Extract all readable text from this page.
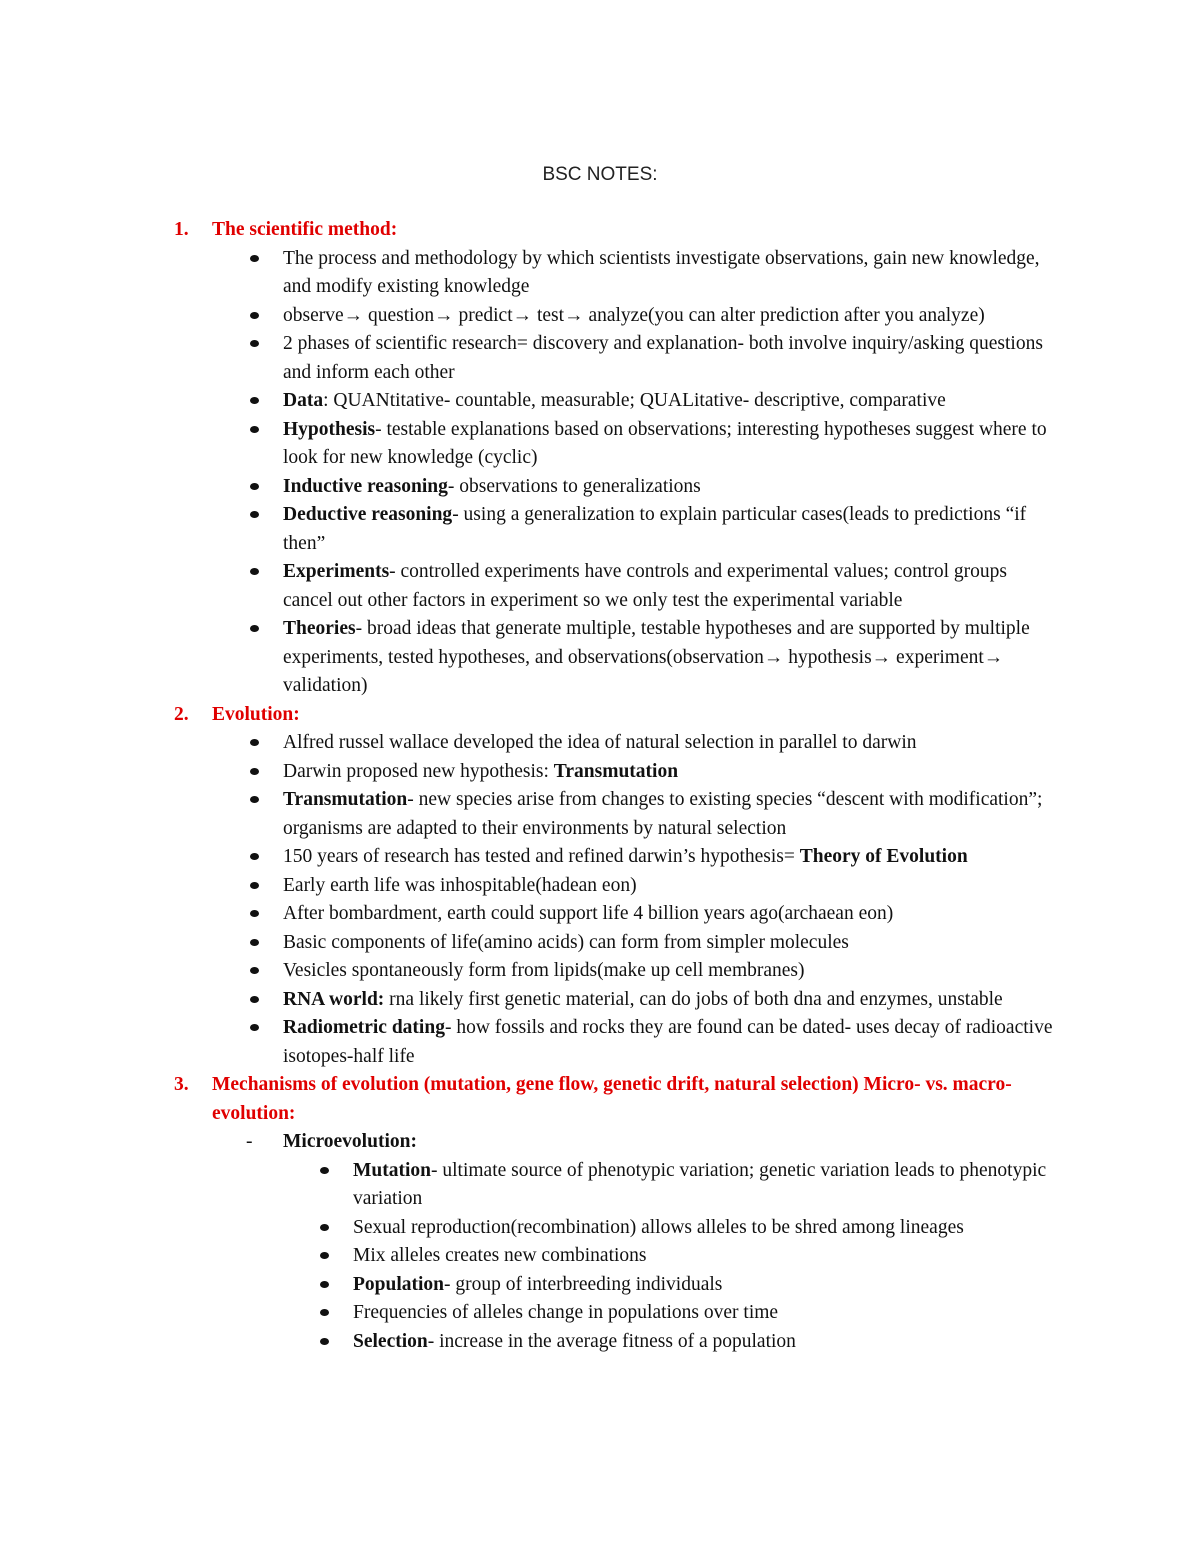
BSC NOTES:
1. The scientific method:
The process and methodology by which scientists investigate observations, gain new knowledge, and modify existing knowledge
observe→ question→ predict→ test→ analyze(you can alter prediction after you analyze)
2 phases of scientific research= discovery and explanation- both involve inquiry/asking questions and inform each other
Data: QUANtitative- countable, measurable; QUALitative- descriptive, comparative
Hypothesis- testable explanations based on observations; interesting hypotheses suggest where to look for new knowledge (cyclic)
Inductive reasoning- observations to generalizations
Deductive reasoning- using a generalization to explain particular cases(leads to predictions “if then”
Experiments- controlled experiments have controls and experimental values; control groups cancel out other factors in experiment so we only test the experimental variable
Theories- broad ideas that generate multiple, testable hypotheses and are supported by multiple experiments, tested hypotheses, and observations(observation→ hypothesis→ experiment→ validation)
2. Evolution:
Alfred russel wallace developed the idea of natural selection in parallel to darwin
Darwin proposed new hypothesis: Transmutation
Transmutation- new species arise from changes to existing species “descent with modification”; organisms are adapted to their environments by natural selection
150 years of research has tested and refined darwin’s hypothesis= Theory of Evolution
Early earth life was inhospitable(hadean eon)
After bombardment, earth could support life 4 billion years ago(archaean eon)
Basic components of life(amino acids) can form from simpler molecules
Vesicles spontaneously form from lipids(make up cell membranes)
RNA world: rna likely first genetic material, can do jobs of both dna and enzymes, unstable
Radiometric dating- how fossils and rocks they are found can be dated- uses decay of radioactive isotopes-half life
3. Mechanisms of evolution (mutation, gene flow, genetic drift, natural selection) Micro- vs. macro- evolution:
- Microevolution:
Mutation- ultimate source of phenotypic variation; genetic variation leads to phenotypic variation
Sexual reproduction(recombination) allows alleles to be shred among lineages
Mix alleles creates new combinations
Population- group of interbreeding individuals
Frequencies of alleles change in populations over time
Selection- increase in the average fitness of a population
